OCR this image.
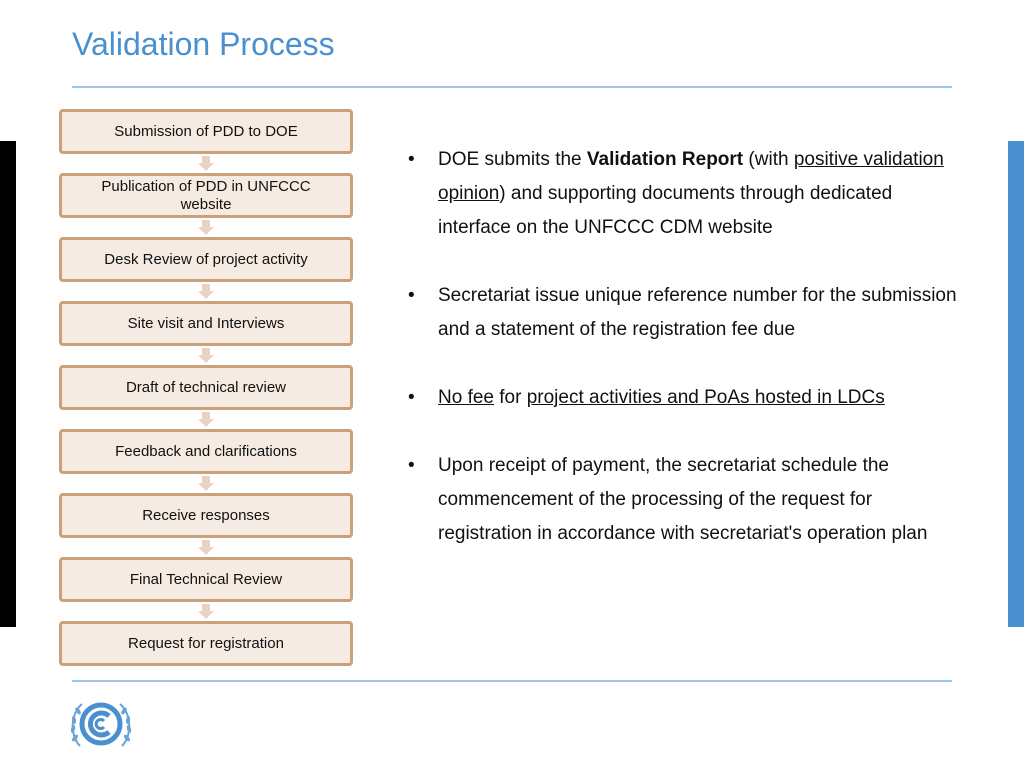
Validation Process
Submission of PDD to DOE
Publication of PDD in UNFCCC website
Desk Review of project activity
Site visit and Interviews
Draft of technical review
Feedback and clarifications
Receive responses
Final Technical Review
Request for registration
• DOE submits the Validation Report (with positive validation opinion) and supporting documents through dedicated interface on the UNFCCC CDM website
• Secretariat issue unique reference number for the submission and a statement of the registration fee due
• No fee for project activities and PoAs hosted in LDCs
• Upon receipt of payment, the secretariat schedule the commencement of the processing of the request for registration in accordance with secretariat's operation plan
